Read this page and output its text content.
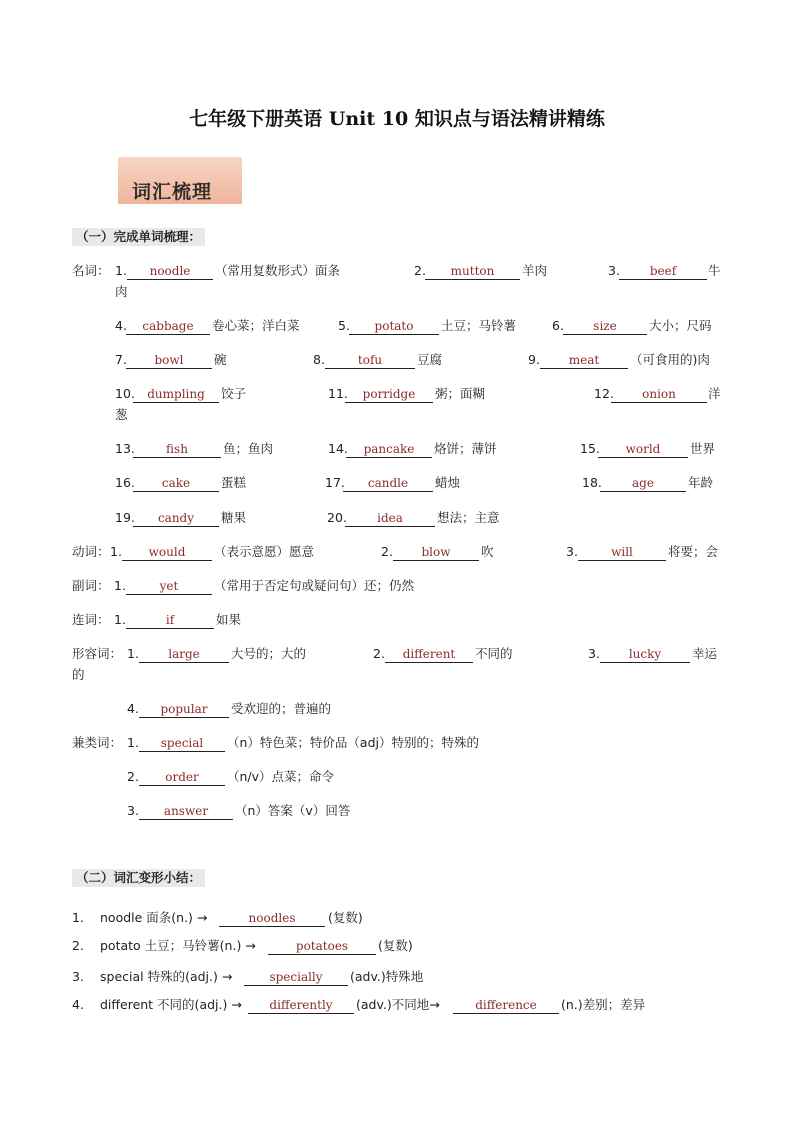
七年级下册英语 Unit 10 知识点与语法精讲精练
词汇梳理
（一）完成单词梳理：
名词： 1.	noodle	（常用复数形式）面条	2.	mutton	羊肉	3.	beef	牛
肉
4.	cabbage	卷心菜；洋白菜	5.	potato	土豆；马铃薯	6.	size	大小；尺码
7.	bowl	碗	8.	tofu	豆腐	9.	meat	（可食用的)肉
10.	dumpling	饺子	11.	porridge	粥；面糊	12.	onion	洋
葱
13.	fish	鱼；鱼肉	14.	pancake	烙饼；薄饼	15.	world	世界
16.	cake	蛋糕	17.	candle	蜡烛	18.	age	年龄
19.	candy	糖果	20.	idea	想法；主意
动词： 1.	would	（表示意愿）愿意	2.	blow	吹	3.	will	将要；会
副词： 1.	yet	（常用于否定句或疑问句）还；仍然
连词： 1.	if	如果
形容词： 1.	large	大号的；大的	2.	different	不同的	3.	lucky	幸运
的
4.	popular	受欢迎的；普遍的
兼类词： 1.	special	（n）特色菜；特价品（adj）特别的；特殊的
2.	order	（n/v）点菜；命令
3.	answer	（n）答案（v）回答
（二）词汇变形小结：
1. noodle 面条(n.) →	noodles	(复数)
2. potato 土豆；马铃薯(n.) →	potatoes	(复数)
3. special 特殊的(adj.) →	specially	(adv.)特殊地
4. different 不同的(adj.) →	differently	(adv.)不同地→	difference	(n.)差别；差异
